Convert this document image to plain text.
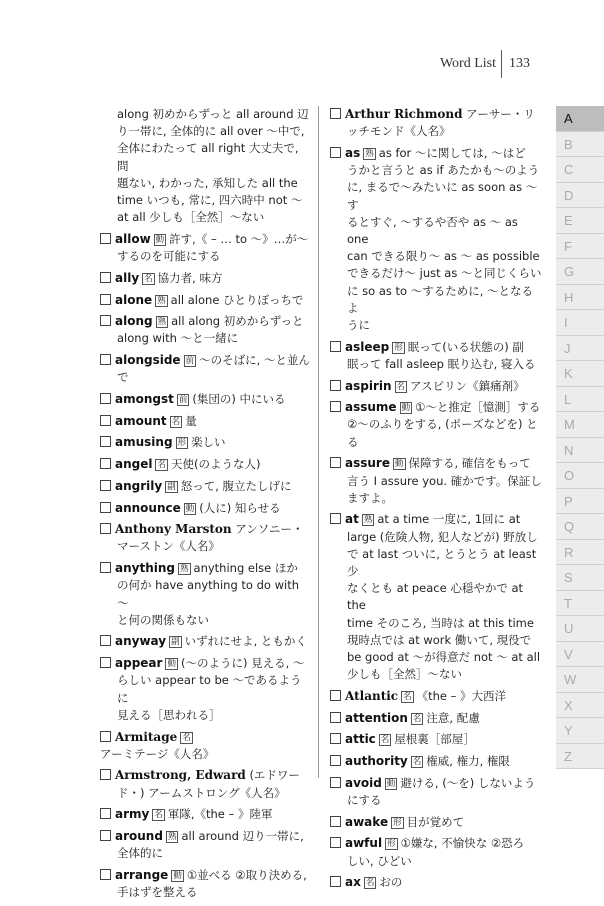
Word List 133
along 初めからずっと all around 辺
り一帯に, 全体的に all over ～中で,
全体にわたって all right 大丈夫で, 問
題ない, わかった, 承知した all the
time いつも, 常に, 四六時中 not ～
at all 少しも［全然］～ない
allow 動 許す,《 – … to ～》…が～
するのを可能にする
ally 名 協力者, 味方
alone 熟 all alone ひとりぼっちで
along 熟 all along 初めからずっと
along with ～と一緒に
alongside 前 ～のそばに, ～と並ん
で
amongst 前 (集団の) 中にいる
amount 名 量
amusing 形 楽しい
angel 名 天使(のような人)
angrily 副 怒って, 腹立たしげに
announce 動 (人に) 知らせる
Anthony Marston アンソニー・
マーストン《人名》
anything 熟 anything else ほか
の何か have anything to do with ～
と何の関係もない
anyway 副 いずれにせよ, ともかく
appear 動 (～のように) 見える, ～
らしい appear to be ～であるように
見える［思われる］
Armitage 名アーミテージ《人名》
Armstrong, Edward (エドワー
ド・) アームストロング《人名》
army 名 軍隊,《the – 》陸軍
around 熟 all around 辺り一帯に,
全体的に
arrange 動 ①並べる ②取り決める,
手はずを整える
Arthur Richmond アーサー・リ
ッチモンド《人名》
as 熟 as for ～に関しては, ～はど
うかと言うと as if あたかも～のよう
に, まるで～みたいに as soon as ～す
るとすぐ, ～するや否や as ～ as one
can できる限り～ as ～ as possible
できるだけ～ just as ～と同じくらい
に so as to ～するために, ～となるよ
うに
asleep 形 眠って(いる状態の) 副
眠って fall asleep 眠り込む, 寝入る
aspirin 名 アスピリン《鎮痛剤》
assume 動 ①～と推定［憶測］する
②～のふりをする, (ポーズなどを) とる
assure 動 保障する, 確信をもって
言う I assure you. 確かです。保証し
ますよ。
at 熟 at a time 一度に, 1回に at
large (危険人物, 犯人などが) 野放し
で at last ついに, とうとう at least 少
なくとも at peace 心穏やかで at the
time そのころ, 当時は at this time
現時点では at work 働いて, 現役で
be good at ～が得意だ not ～ at all
少しも［全然］～ない
Atlantic 名 《the – 》大西洋
attention 名 注意, 配慮
attic 名 屋根裏［部屋］
authority 名 権威, 権力, 権限
avoid 動 避ける, (～を) しないよう
にする
awake 形 目が覚めて
awful 形 ①嫌な, 不愉快な ②恐ろ
しい, ひどい
ax 名 おの
A
B
C
D
E
F
G
H
I
J
K
L
M
N
O
P
Q
R
S
T
U
V
W
X
Y
Z
